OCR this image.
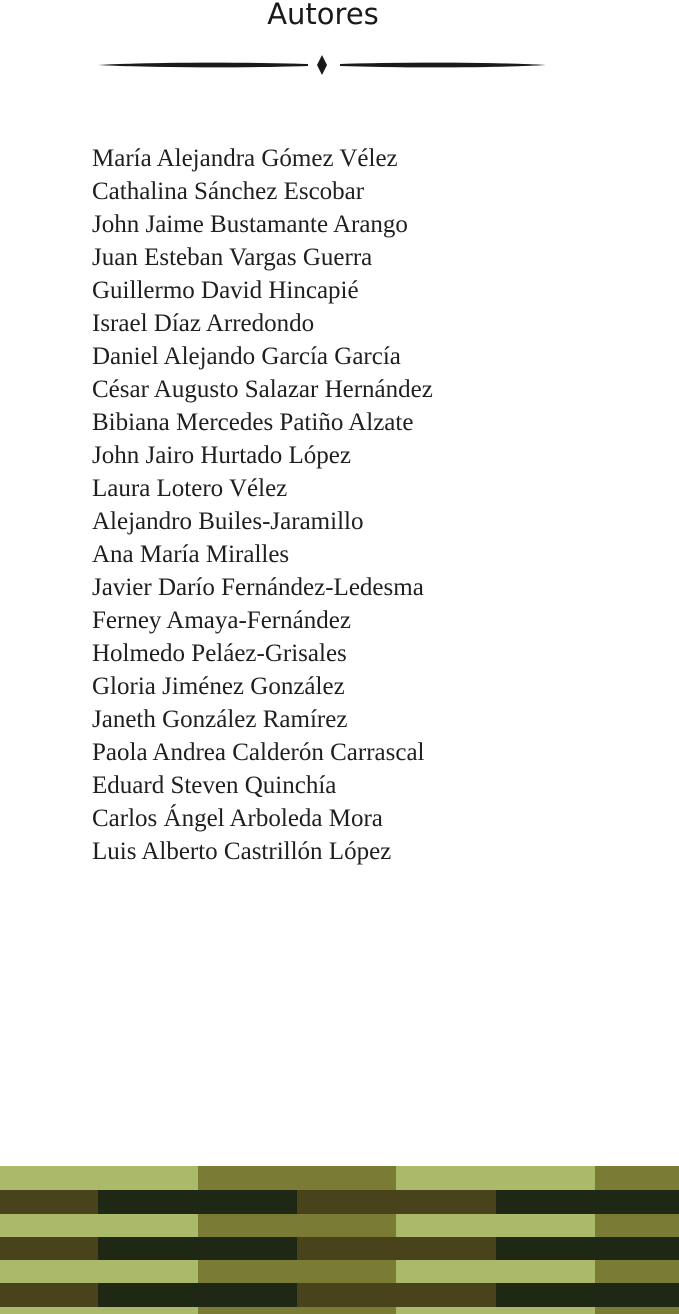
Autores
María Alejandra Gómez Vélez
Cathalina Sánchez Escobar
John Jaime Bustamante Arango
Juan Esteban Vargas Guerra
Guillermo David Hincapié
Israel Díaz Arredondo
Daniel Alejando García García
César Augusto Salazar Hernández
Bibiana Mercedes Patiño Alzate
John Jairo Hurtado López
Laura Lotero Vélez
Alejandro Builes-Jaramillo
Ana María Miralles
Javier Darío Fernández-Ledesma
Ferney Amaya-Fernández
Holmedo Peláez-Grisales
Gloria Jiménez González
Janeth González Ramírez
Paola Andrea Calderón Carrascal
Eduard Steven Quinchía
Carlos Ángel Arboleda Mora
Luis Alberto Castrillón López
